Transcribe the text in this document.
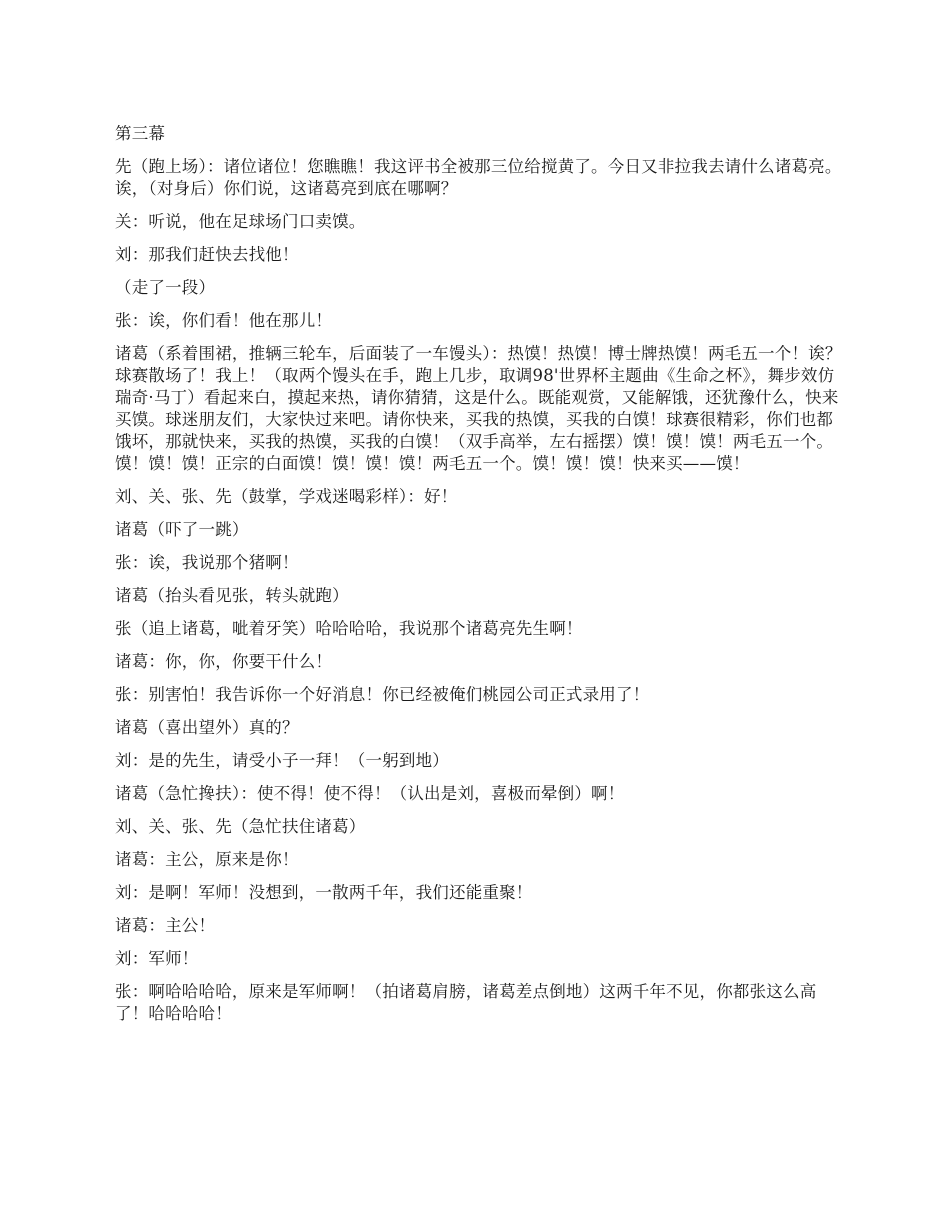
第三幕

先（跑上场）：诸位诸位！您瞧瞧！我这评书全被那三位给搅黄了。今日又非拉我去请什么诸葛亮。诶，（对身后）你们说，这诸葛亮到底在哪啊？

关：听说，他在足球场门口卖馍。

刘：那我们赶快去找他！

（走了一段）

张：诶，你们看！他在那儿！

诸葛（系着围裙，推辆三轮车，后面装了一车馒头）：热馍！热馍！博士牌热馍！两毛五一个！诶？球赛散场了！我上！（取两个馒头在手，跑上几步，取调98'世界杯主题曲《生命之杯》，舞步效仿瑞奇·马丁）看起来白，摸起来热，请你猜猜，这是什么。既能观赏，又能解饿，还犹豫什么，快来买馍。球迷朋友们，大家快过来吧。请你快来，买我的热馍，买我的白馍！球赛很精彩，你们也都饿坏，那就快来，买我的热馍，买我的白馍！（双手高举，左右摇摆）馍！馍！馍！两毛五一个。馍！馍！馍！正宗的白面馍！馍！馍！馍！两毛五一个。馍！馍！馍！快来买——馍！

刘、关、张、先（鼓掌，学戏迷喝彩样）：好！

诸葛（吓了一跳）

张：诶，我说那个猪啊！

诸葛（抬头看见张，转头就跑）

张（追上诸葛，呲着牙笑）哈哈哈哈，我说那个诸葛亮先生啊！

诸葛：你，你，你要干什么！

张：别害怕！我告诉你一个好消息！你已经被俺们桃园公司正式录用了！

诸葛（喜出望外）真的？

刘：是的先生，请受小子一拜！（一躬到地）

诸葛（急忙搀扶）：使不得！使不得！（认出是刘，喜极而晕倒）啊！

刘、关、张、先（急忙扶住诸葛）

诸葛：主公，原来是你！

刘：是啊！军师！没想到，一散两千年，我们还能重聚！

诸葛：主公！

刘：军师！

张：啊哈哈哈哈，原来是军师啊！（拍诸葛肩膀，诸葛差点倒地）这两千年不见，你都张这么高了！哈哈哈哈！
